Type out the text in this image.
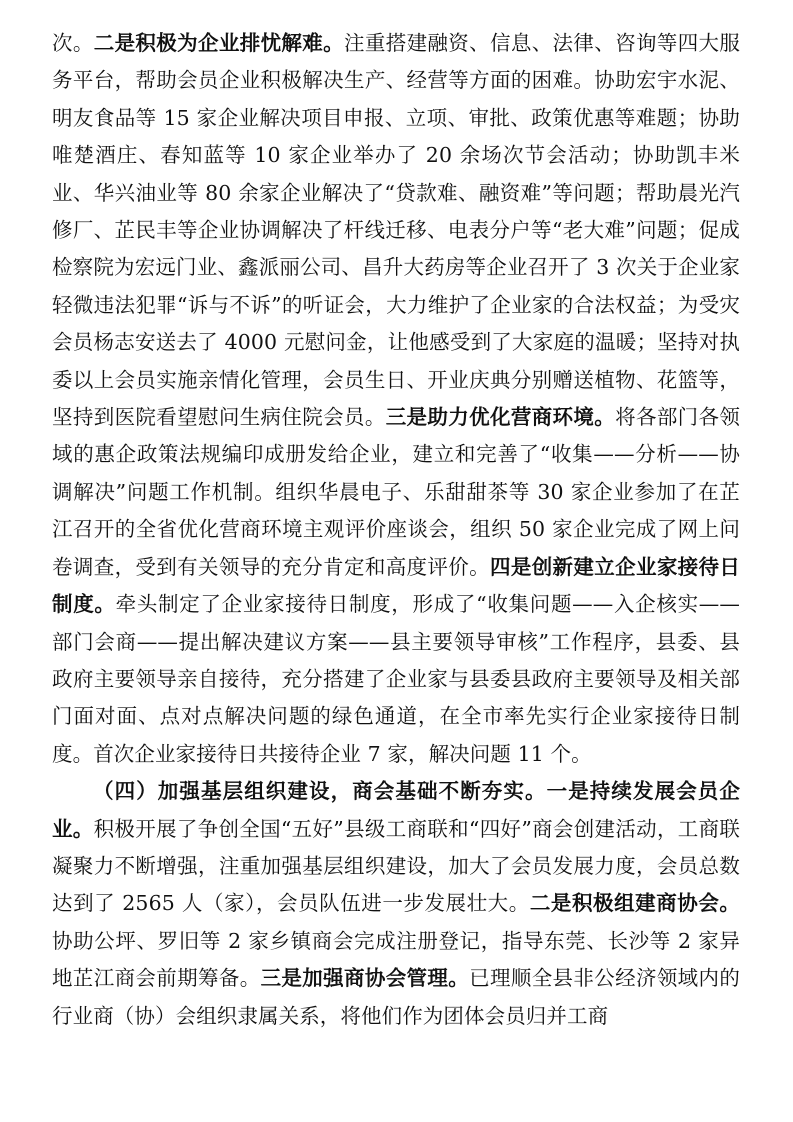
次。二是积极为企业排忧解难。注重搭建融资、信息、法律、咨询等四大服务平台，帮助会员企业积极解决生产、经营等方面的困难。协助宏宇水泥、明友食品等 15 家企业解决项目申报、立项、审批、政策优惠等难题；协助唯楚酒庄、春知蓝等 10 家企业举办了 20 余场次节会活动；协助凯丰米业、华兴油业等 80 余家企业解决了“贷款难、融资难”等问题；帮助晨光汽修厂、芷民丰等企业协调解决了杆线迁移、电表分户等“老大难”问题；促成检察院为宏远门业、鑫派丽公司、昌升大药房等企业召开了 3 次关于企业家轻微违法犯罪“诉与不诉”的听证会，大力维护了企业家的合法权益；为受灾会员杨志安送去了 4000 元慰问金，让他感受到了大家庭的温暖；坚持对执委以上会员实施亲情化管理，会员生日、开业庆典分别赠送植物、花篮等，坚持到医院看望慰问生病住院会员。三是助力优化营商环境。将各部门各领域的惠企政策法规编印成册发给企业，建立和完善了“收集——分析——协调解决”问题工作机制。组织华晨电子、乐甜甜茶等 30 家企业参加了在芷江召开的全省优化营商环境主观评价座谈会，组织 50 家企业完成了网上问卷调查，受到有关领导的充分肯定和高度评价。四是创新建立企业家接待日制度。牵头制定了企业家接待日制度，形成了“收集问题——入企核实——部门会商——提出解决建议方案——县主要领导审核”工作程序，县委、县政府主要领导亲自接待，充分搭建了企业家与县委县政府主要领导及相关部门面对面、点对点解决问题的绿色通道，在全市率先实行企业家接待日制度。首次企业家接待日共接待企业 7 家，解决问题 11 个。

（四）加强基层组织建设，商会基础不断夯实。一是持续发展会员企业。积极开展了争创全国“五好”县级工商联和“四好”商会创建活动，工商联凝聚力不断增强，注重加强基层组织建设，加大了会员发展力度，会员总数达到了 2565 人（家），会员队伍进一步发展壮大。二是积极组建商协会。协助公坪、罗旧等 2 家乡镇商会完成注册登记，指导东莞、长沙等 2 家异地芷江商会前期筹备。三是加强商协会管理。已理顺全县非公经济领域内的行业商（协）会组织隶属关系，将他们作为团体会员归并工商
